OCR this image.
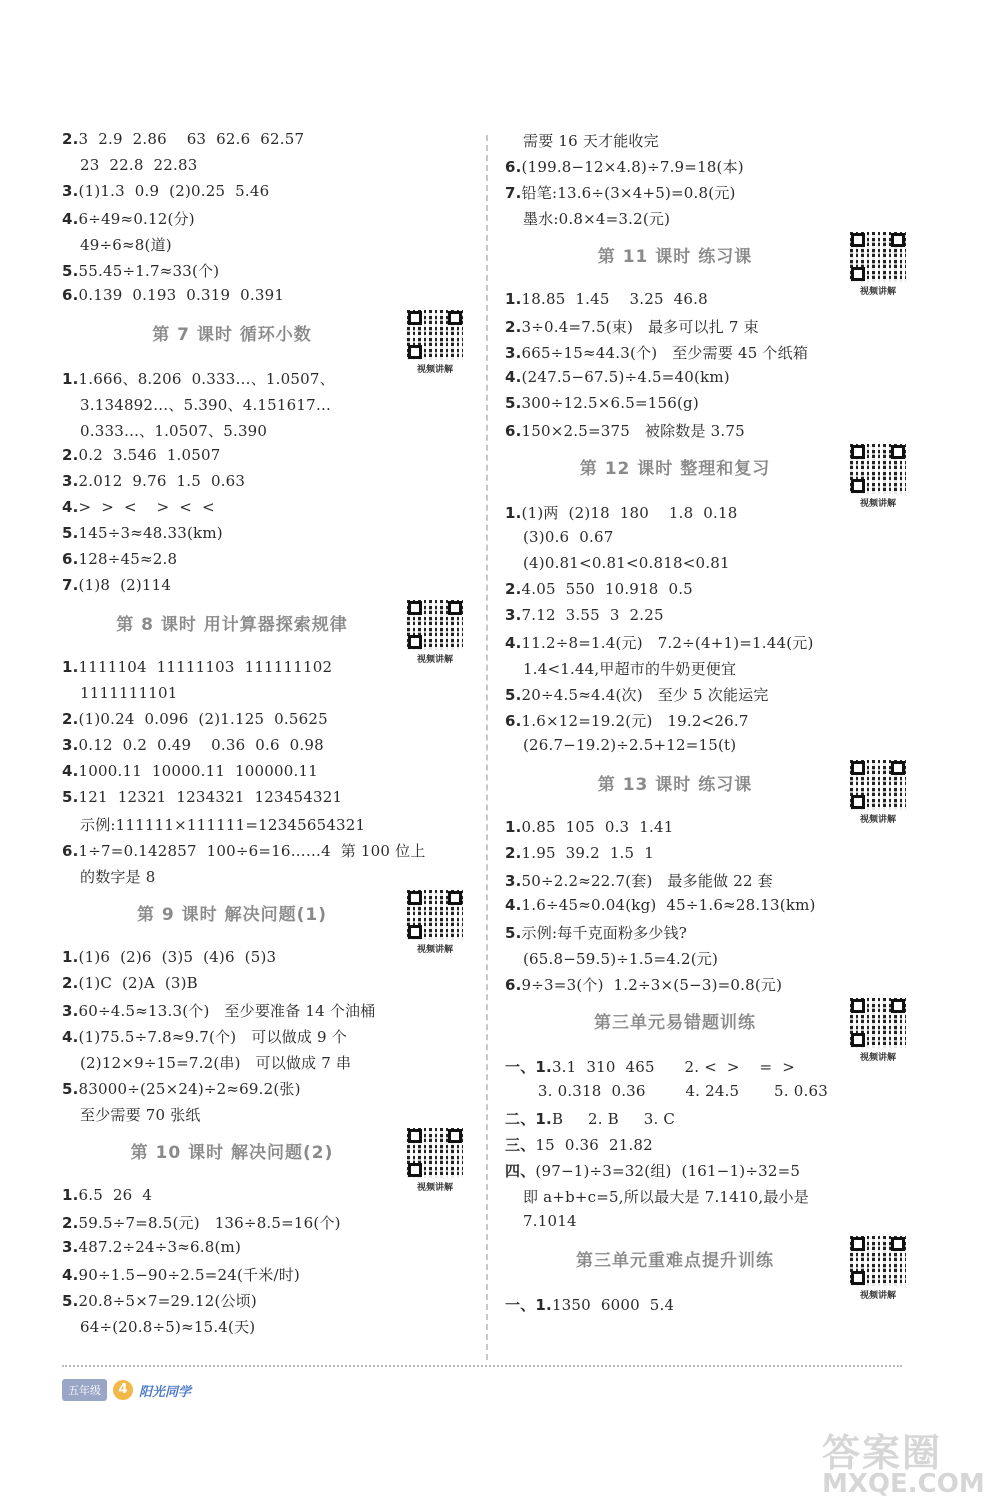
2.3  2.9  2.86    63  62.6  62.57
23  22.8  22.83
3.(1)1.3  0.9  (2)0.25  5.46
4.6÷49≈0.12(分)
49÷6≈8(道)
5.55.45÷1.7≈33(个)
6.0.139  0.193  0.319  0.391
第 7 课时 循环小数
视频讲解
1.1.666、8.206  0.333…、1.0507、
3.134892…、5.390、4.151617…
0.333…、1.0507、5.390
2.0.2  3.546  1.0507
3.2.012  9.76  1.5  0.63
4.>  >  <    >  <  <
5.145÷3≈48.33(km)
6.128÷45≈2.8
7.(1)8  (2)114
第 8 课时 用计算器探索规律
视频讲解
1.1111104  11111103  111111102
1111111101
2.(1)0.24  0.096  (2)1.125  0.5625
3.0.12  0.2  0.49    0.36  0.6  0.98
4.1000.11  10000.11  100000.11
5.121  12321  1234321  123454321
示例:111111×111111=12345654321
6.1÷7=0.142857  100÷6=16……4  第 100 位上
的数字是 8
第 9 课时 解决问题(1)
视频讲解
1.(1)6  (2)6  (3)5  (4)6  (5)3
2.(1)C  (2)A  (3)B
3.60÷4.5≈13.3(个)   至少要准备 14 个油桶
4.(1)75.5÷7.8≈9.7(个)   可以做成 9 个
(2)12×9÷15=7.2(串)   可以做成 7 串
5.83000÷(25×24)÷2≈69.2(张)
至少需要 70 张纸
第 10 课时 解决问题(2)
视频讲解
1.6.5  26  4
2.59.5÷7=8.5(元)   136÷8.5=16(个)
3.487.2÷24÷3≈6.8(m)
4.90÷1.5−90÷2.5=24(千米/时)
5.20.8÷5×7=29.12(公顷)
64÷(20.8÷5)≈15.4(天)
需要 16 天才能收完
6.(199.8−12×4.8)÷7.9=18(本)
7.铅笔:13.6÷(3×4+5)=0.8(元)
墨水:0.8×4=3.2(元)
第 11 课时 练习课
视频讲解
1.18.85  1.45    3.25  46.8
2.3÷0.4=7.5(束)   最多可以扎 7 束
3.665÷15≈44.3(个)   至少需要 45 个纸箱
4.(247.5−67.5)÷4.5=40(km)
5.300÷12.5×6.5=156(g)
6.150×2.5=375   被除数是 3.75
第 12 课时 整理和复习
视频讲解
1.(1)两  (2)18  180    1.8  0.18
(3)0.6  0.67
(4)0.81<0.81<0.818<0.81
2.4.05  550  10.918  0.5
3.7.12  3.55  3  2.25
4.11.2÷8=1.4(元)   7.2÷(4+1)=1.44(元)
1.4<1.44,甲超市的牛奶更便宜
5.20÷4.5≈4.4(次)   至少 5 次能运完
6.1.6×12=19.2(元)   19.2<26.7
(26.7−19.2)÷2.5+12=15(t)
第 13 课时 练习课
视频讲解
1.0.85  105  0.3  1.41
2.1.95  39.2  1.5  1
3.50÷2.2≈22.7(套)   最多能做 22 套
4.1.6÷45≈0.04(kg)  45÷1.6≈28.13(km)
5.示例:每千克面粉多少钱?
(65.8−59.5)÷1.5=4.2(元)
6.9÷3=3(个)  1.2÷3×(5−3)=0.8(元)
第三单元易错题训练
视频讲解
一、1.3.1  310  465      2. <  >    =  >
3. 0.318  0.36        4. 24.5       5. 0.63
二、1.B     2. B     3. C
三、15  0.36  21.82
四、(97−1)÷3=32(组)  (161−1)÷32=5
即 a+b+c=5,所以最大是 7.1410,最小是
7.1014
第三单元重难点提升训练
视频讲解
一、1.1350  6000  5.4
五年级	4 阳光同学
答案圈
MXQE.COM
